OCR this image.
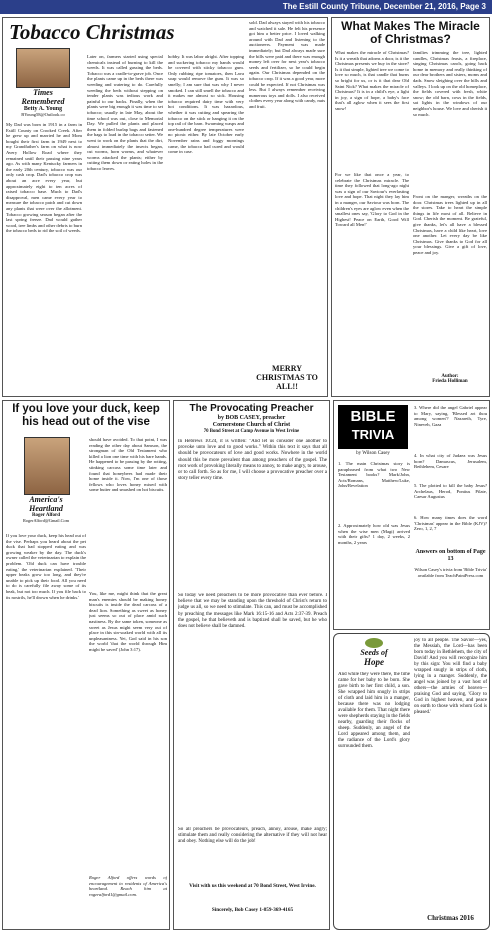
The Estill County Tribune, December 21, 2016, Page 3
Tobacco Christmas
Times
Remembered
Betty A. Young
BYoung58@Outlook.co
My Dad was born in 1915 in a farm in Estill County on Crooked Creek. After he grew up and married he and Mom bought their first farm in 1949 next to my Grandfather's farm on what is now Avery Hollow Road where they remained until their passing nine years ago. As with many Kentucky farmers in the early 20th century, tobacco was our only cash crop. Dad's tobacco crop was about an acre every year, but approximately eight to ten acres of raised tobacco base. Much to Dad's disapproval, men came every year to measure the tobacco patch and cut down any plants that were over the allotment. Tobacco growing season began after the last spring freeze. Dad would gather wood, tree limbs and other debris to burn the tobacco beds to rid the soil of weeds.
Later on, farmers started using special chemicals instead of burning to kill the weeds. It was called gassing the beds. Tobacco was a cradle-to-grave job. Once the plants came up in the beds there was weeding and watering to do. Carefully weeding the beds without stepping on tender plants was tedious work and painful to our backs. Finally, when the plants were big enough it was time to set tobacco; usually in late May, about the time school was out, close to Memorial Day. We pulled the plants and placed them in folded burlap bags and fastened the bags to load in the tobacco setter. We went to work on the plants that the dirt, almost immediately the insects began, cut worms, horn worms, and whatever worms attacked the plants; either by cutting them down or eating holes in the tobacco leaves.
hobby. It was labor alright. After topping and suckering tobacco my hands would be covered with sticky tobacco gum. Only rubbing ripe tomatoes, then Lava soap would remove the gum. It was so smelly; I am sure that was why I never smoked. I can still smell the tobacco and it makes me almost so sick. Housing tobacco required dairy time with very hot conditions. It was hazardous, whether it was cutting and spearing the tobacco on the stick or hanging it on the top rail of the barn. Swarming wasps and one-hundred degree temperatures were no picnic either. By late October early November rains and foggy mornings came, the tobacco had cured and would come in case.
sold. Dad always stayed with his tobacco and watched it sale. He felt his presence got him a better price. I loved walking around with Dad and listening to the auctioneers. Payment was made immediately; but Dad always made sure the bills were paid and there was enough money left over for next year's tobacco seeds and fertilizer, so he could begin again. Our Christmas depended on the tobacco crop. If it was a good year, more could be expected. If not Christmas was less. But I always remember receiving numerous toys and dolls. I also received clothes every year along with candy, nuts and fruit.
MERRY CHRISTMAS TO ALL!!
What Makes The Miracle of Christmas?
What makes the miracle of Christmas? Is it a wreath that adorns a door, is it the Christmas presents we buy in the store? Is it that simple, lighted tree we come to love so much, is that candle that burns so bright for us, or is it that dear Old Saint Nick? What makes the miracle of Christmas? It is in a child's eye, a light in joy, a sign of hope, a baby's face that's all aglow when it sees the first snow!
For we like that once a year, to celebrate the Christmas miracle. The time they followed that long-ago night was a sign of our Saviour's everlasting love and hope. That night they lay him in a manger, our Saviour was born. The children's eyes are aglow even when the smallest ones say, 'Glory to God in the Highest! Peace on Earth, Good Will Toward all Men!'
families trimming the tree, lighted candles, Christmas feasts, a fireplace, singing Christmas carols, going back home in memory and really thinking of our dear brothers and sisters, moms and dads. Snow sleighing over the hills and valleys. I look up on the old homeplace, the fields covered with fresh, white snow; the old barn, cows in the fields, sat lights in the windows of our neighbor's house. We love and cherish it so much.
Front on the manger, wreaths on the door. Christmas trees lighted up in all the stores. Take to heart the simple things in life most of all. Believe in God. Cherish the moment. Be grateful, give thanks, let's all have a blessed Christmas, have a child like heart, love one another. Let every day be like Christmas. Give thanks to God for all your blessings. Give a gift of love, peace and joy.
Author:
Frieda Holliman
If you love your duck, keep his head out of the vise
America's
Heartland
Roger Alford
RogerAlford@Gmail.Com
If you love your duck, keep his head out of the vise. Perhaps you heard about the pet duck that had stopped eating and was growing weaker by the day. The duck's owner called the veterinarian to explain the problem. 'Old duck can have trouble eating,' the veterinarian explained. 'Their upper beaks grow too long, and they're unable to pick up their food. All you need to do is carefully file away some of its beak, but not too much. If you file back to its nostrils, he'll drown when he drinks.'
should have avoided. To that point, I was reading the other day about Samson, the strongman of the Old Testament who killed a lion one time with his bare hands. He happened to be passing by the rotting, stinking carcass some time later and found that honeybees had made their home inside it. Now, I'm one of those fellows who loves honey mixed with some butter and smashed on hot biscuits.
You, like me, might think that the great man's enemies should be making honey biscuits is inside the dead carcass of a dead lion. Something as sweet as honey just seems so out of place amid such nastiness. By the same token, someone as sweet as Jesus might seem very out of place in this sin-soaked world with all its unpleasantness. Yet, God said in his son the world 'that the world through Him might be saved' (John 3:17).
Roger Alford offers words of encouragement to residents of America's heartland. Reach him at rogeralford1@gmail.com.
The Provocating Preacher
by BOB CASEY, preacher
Cornerstone Church of Christ
70 Bond Street at Camp Avenue in West Irvine
In Hebrews 10:24, it is written: "And let us consider one another to provoke unto love and to good works." Within this text it says that all should be provocateurs of love and good works. Nowhere in the world should this be more prevalent than among preachers of the gospel. The root work of provoking literally means to annoy, to make angry, to arouse, or to call forth. So as for me, I will choose a provocative preacher over a story teller every time.
So today we need preachers to be more provocative than ever before. I believe that we may be standing upon the threshold of Christ's return to judge us all, so we need to stimulate. This can, and must be accomplished by preaching the messages like Mark 16:15-16 and Acts 2:37-39. Preach the gospel, he that believeth and is baptized shall be saved, but he who does not believe shall be damned.
So all preachers be provocateurs, preach, annoy, arouse, make angry; stimulate them and really considering the alternative if they will not hear and obey. Nothing else will do the job!
Visit with us this weekend at 70 Bond Street, West Irvine.
Sincerely, Bob Casey 1-859-369-4165
BIBLE
TRIVIA
by Wilson Casey
1. The main Christmas story is paraphrased from what two New Testament books? Mark/John, Acts/Romans, Matthew/Luke, John/Revelation
2. Approximately how old was Jesus when the wise men (Magi) arrived with their gifts? 1 day, 2 weeks, 2 months, 2 years
3. Where did the angel Gabriel appear to Mary, saying, 'Blessed art thou among women'? Nazareth, Tyre, Nineveh, Gaza
4. In what city of Judaea was Jesus born? Damascus, Jerusalem, Bethlehem, Cesare
5. The plotted to kill the baby Jesus? Archelaus, Herod, Pontius Pilate, Caesar Augustus
6. How many times does the word 'Christmas' appear in the Bible (KJV)? Zero, 1, 2, 7
Answers on bottom of Page 13
Wilson Casey's trivia from 'Bible Trivia' available from TeachPaintPress.com
Seeds of
Hope
And while they were there, the time came for her baby to be born. She gave birth to her first child, a son. She wrapped him snugly in strips of cloth and laid him in a manger, because there was no lodging available for them. That night there were shepherds staying in the fields nearby, guarding their flocks of sheep. Suddenly, an angel of the Lord appeared among them, and the radiance of the Lord's glory surrounded them.
joy to all people. The Savior—yes, the Messiah, the Lord—has been born today in Bethlehem, the city of David! And you will recognize him by this sign: You will find a baby wrapped snugly in strips of cloth, lying in a manger. Suddenly, the angel was joined by a vast host of others—the armies of heaven—praising God and saying, 'Glory to God in highest heaven, and peace on earth to those with whom God is pleased.'
Christmas 2016
